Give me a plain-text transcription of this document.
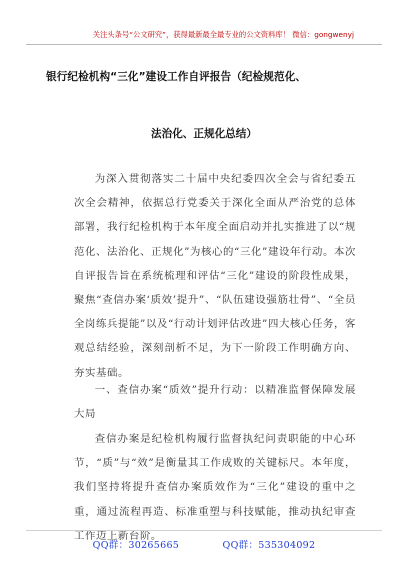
关注头条号“公文研究”，获得最新最全最专业的公文资料库！ 微信：gongwenyj
银行纪检机构“三化”建设工作自评报告（纪检规范化、
法治化、正规化总结）

为深入贯彻落实二十届中央纪委四次全会与省纪委五次全会精神，依据总行党委关于深化全面从严治党的总体部署，我行纪检机构于本年度全面启动并扎实推进了以“规范化、法治化、正规化”为核心的“三化”建设年行动。本次自评报告旨在系统梳理和评估“三化”建设的阶段性成果，聚焦“查信办案‘质效’提升”、“队伍建设强筋壮骨”、“全员全岗练兵提能”以及“行动计划评估改进”四大核心任务，客观总结经验，深刻剖析不足，为下一阶段工作明确方向、夯实基础。

一、查信办案“质效”提升行动：以精准监督保障发展大局

查信办案是纪检机构履行监督执纪问责职能的中心环节，“质”与“效”是衡量其工作成败的关键标尺。本年度，我们坚持将提升查信办案质效作为“三化”建设的重中之重，通过流程再造、标准重塑与科技赋能，推动执纪审查工作迈上新台阶。

QQ群：30265665	QQ群：535304092
